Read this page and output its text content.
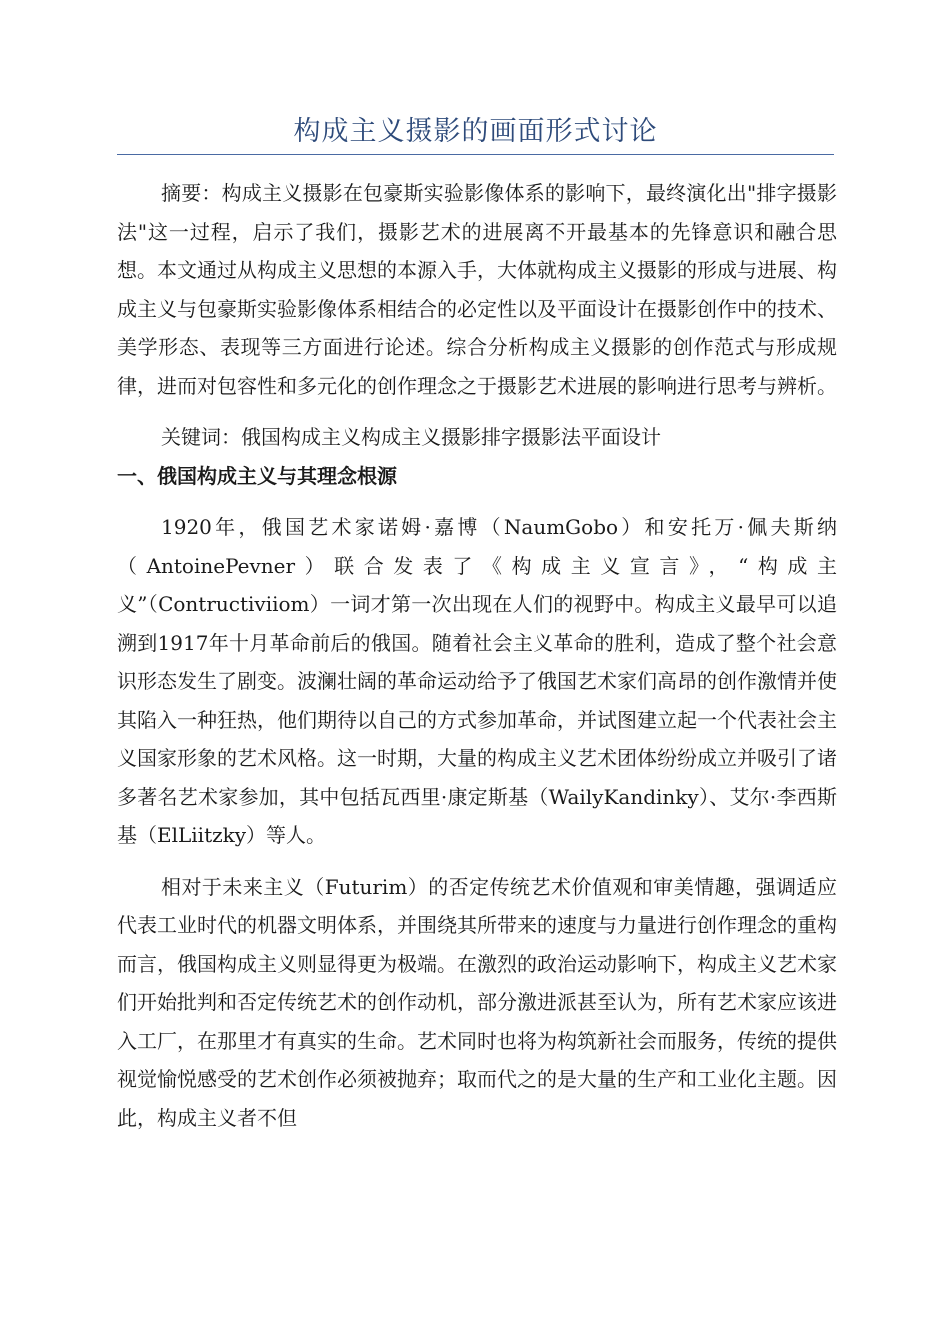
构成主义摄影的画面形式讨论

摘要：构成主义摄影在包豪斯实验影像体系的影响下，最终演化出"排字摄影法"这一过程，启示了我们，摄影艺术的进展离不开最基本的先锋意识和融合思想。本文通过从构成主义思想的本源入手，大体就构成主义摄影的形成与进展、构成主义与包豪斯实验影像体系相结合的必定性以及平面设计在摄影创作中的技术、美学形态、表现等三方面进行论述。综合分析构成主义摄影的创作范式与形成规律，进而对包容性和多元化的创作理念之于摄影艺术进展的影响进行思考与辨析。

关键词：俄国构成主义构成主义摄影排字摄影法平面设计

一、俄国构成主义与其理念根源

1920年，俄国艺术家诺姆·嘉博（NaumGobo）和安托万·佩夫斯纳（AntoinePevner）联合发表了《构成主义宣言》，“构成主义”（Contructiviiom）一词才第一次出现在人们的视野中。构成主义最早可以追溯到1917年十月革命前后的俄国。随着社会主义革命的胜利，造成了整个社会意识形态发生了剧变。波澜壮阔的革命运动给予了俄国艺术家们高昂的创作激情并使其陷入一种狂热，他们期待以自己的方式参加革命，并试图建立起一个代表社会主义国家形象的艺术风格。这一时期，大量的构成主义艺术团体纷纷成立并吸引了诸多著名艺术家参加，其中包括瓦西里·康定斯基（WailyKandinky）、艾尔·李西斯基（ElLiitzky）等人。

相对于未来主义（Futurim）的否定传统艺术价值观和审美情趣，强调适应代表工业时代的机器文明体系，并围绕其所带来的速度与力量进行创作理念的重构而言，俄国构成主义则显得更为极端。在激烈的政治运动影响下，构成主义艺术家们开始批判和否定传统艺术的创作动机，部分激进派甚至认为，所有艺术家应该进入工厂，在那里才有真实的生命。艺术同时也将为构筑新社会而服务，传统的提供视觉愉悦感受的艺术创作必须被抛弃；取而代之的是大量的生产和工业化主题。因此，构成主义者不但
